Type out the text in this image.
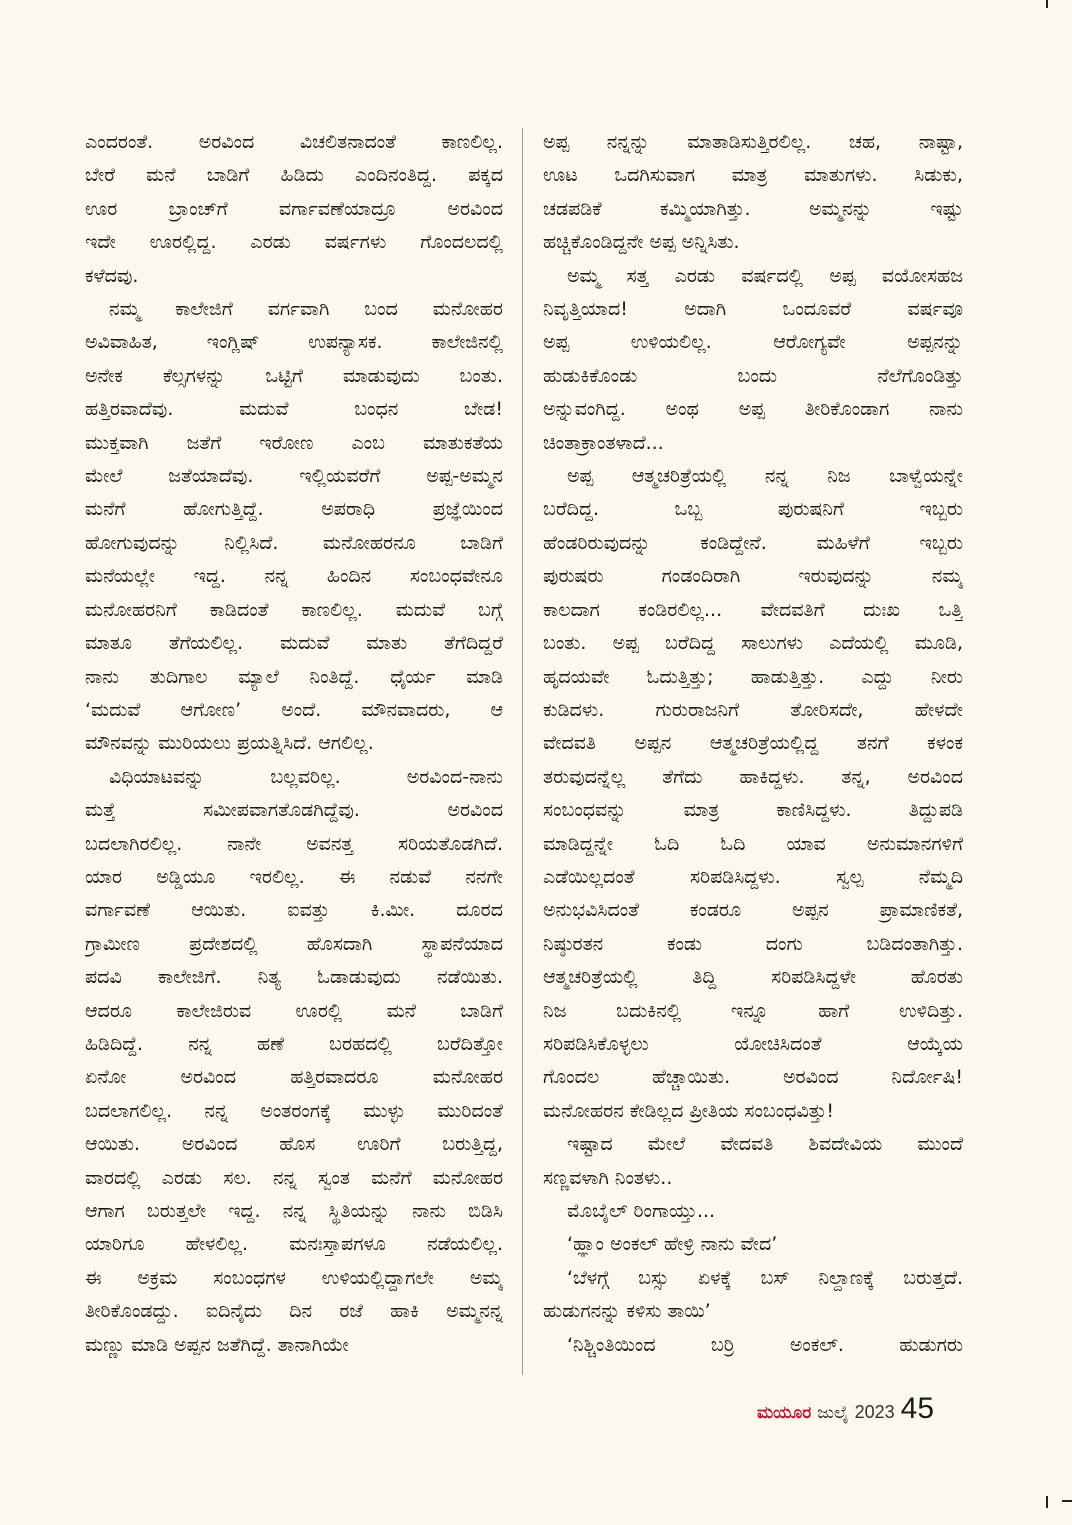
ಎಂದರಂತೆ. ಅರವಿಂದ ವಿಚಲಿತನಾದಂತೆ ಕಾಣಲಿಲ್ಲ.
ಬೇರೆ ಮನೆ ಬಾಡಿಗೆ ಹಿಡಿದು ಎಂದಿನಂತಿದ್ದ. ಪಕ್ಕದ
ಊರ ಬ್ರಾಂಚ್‌ಗೆ ವರ್ಗಾವಣೆಯಾದ್ರೂ ಅರವಿಂದ
ಇದೇ ಊರಲ್ಲಿದ್ದ. ಎರಡು ವರ್ಷಗಳು ಗೊಂದಲದಲ್ಲಿ
ಕಳೆದವು.
ನಮ್ಮ ಕಾಲೇಜಿಗೆ ವರ್ಗವಾಗಿ ಬಂದ ಮನೋಹರ
ಅವಿವಾಹಿತ, ಇಂಗ್ಲಿಷ್ ಉಪನ್ಯಾಸಕ. ಕಾಲೇಜಿನಲ್ಲಿ
ಅನೇಕ ಕೆಲ್ಸಗಳನ್ನು ಒಟ್ಟಿಗೆ ಮಾಡುವುದು ಬಂತು.
ಹತ್ತಿರವಾದೆವು. ಮದುವೆ ಬಂಧನ ಬೇಡ!
ಮುಕ್ತವಾಗಿ ಜತೆಗೆ ಇರೋಣ ಎಂಬ ಮಾತುಕತೆಯ
ಮೇಲೆ ಜತೆಯಾದೆವು. ಇಲ್ಲಿಯವರೆಗೆ ಅಪ್ಪ-ಅಮ್ಮನ
ಮನೆಗೆ ಹೋಗುತ್ತಿದ್ದೆ. ಅಪರಾಧಿ ಪ್ರಜ್ಞೆಯಿಂದ
ಹೋಗುವುದನ್ನು ನಿಲ್ಲಿಸಿದೆ. ಮನೋಹರನೂ ಬಾಡಿಗೆ
ಮನೆಯಲ್ಲೇ ಇದ್ದ. ನನ್ನ ಹಿಂದಿನ ಸಂಬಂಧವೇನೂ
ಮನೋಹರನಿಗೆ ಕಾಡಿದಂತೆ ಕಾಣಲಿಲ್ಲ. ಮದುವೆ ಬಗ್ಗೆ
ಮಾತೂ ತೆಗೆಯಲಿಲ್ಲ. ಮದುವೆ ಮಾತು ತೆಗೆದಿದ್ದರೆ
ನಾನು ತುದಿಗಾಲ ಮ್ಯಾಲೆ ನಿಂತಿದ್ದೆ. ಧೈರ್ಯ ಮಾಡಿ
‘ಮದುವೆ ಆಗೋಣ’ ಅಂದೆ. ಮೌನವಾದರು, ಆ
ಮೌನವನ್ನು ಮುರಿಯಲು ಪ್ರಯತ್ನಿಸಿದೆ. ಆಗಲಿಲ್ಲ.
ವಿಧಿಯಾಟವನ್ನು ಬಲ್ಲವರಿಲ್ಲ. ಅರವಿಂದ-ನಾನು
ಮತ್ತೆ ಸಮೀಪವಾಗತೊಡಗಿದ್ದೆವು. ಅರವಿಂದ
ಬದಲಾಗಿರಲಿಲ್ಲ. ನಾನೇ ಅವನತ್ತ ಸರಿಯತೊಡಗಿದೆ.
ಯಾರ ಅಡ್ಡಿಯೂ ಇರಲಿಲ್ಲ. ಈ ನಡುವೆ ನನಗೇ
ವರ್ಗಾವಣೆ ಆಯಿತು. ಐವತ್ತು ಕಿ.ಮೀ. ದೂರದ
ಗ್ರಾಮೀಣ ಪ್ರದೇಶದಲ್ಲಿ ಹೊಸದಾಗಿ ಸ್ಥಾಪನೆಯಾದ
ಪದವಿ ಕಾಲೇಜಿಗೆ. ನಿತ್ಯ ಓಡಾಡುವುದು ನಡೆಯಿತು.
ಆದರೂ ಕಾಲೇಜಿರುವ ಊರಲ್ಲಿ ಮನೆ ಬಾಡಿಗೆ
ಹಿಡಿದಿದ್ದೆ. ನನ್ನ ಹಣೆ ಬರಹದಲ್ಲಿ ಬರೆದಿತ್ತೋ
ಏನೋ ಅರವಿಂದ ಹತ್ತಿರವಾದರೂ ಮನೋಹರ
ಬದಲಾಗಲಿಲ್ಲ. ನನ್ನ ಅಂತರಂಗಕ್ಕೆ ಮುಳ್ಳು ಮುರಿದಂತೆ
ಆಯಿತು. ಅರವಿಂದ ಹೊಸ ಊರಿಗೆ ಬರುತ್ತಿದ್ದ,
ವಾರದಲ್ಲಿ ಎರಡು ಸಲ. ನನ್ನ ಸ್ವಂತ ಮನೆಗೆ ಮನೋಹರ
ಆಗಾಗ ಬರುತ್ತಲೇ ಇದ್ದ. ನನ್ನ ಸ್ಥಿತಿಯನ್ನು ನಾನು ಬಿಡಿಸಿ
ಯಾರಿಗೂ ಹೇಳಲಿಲ್ಲ. ಮನಃಸ್ತಾಪಗಳೂ ನಡೆಯಲಿಲ್ಲ.
ಈ ಅಕ್ರಮ ಸಂಬಂಧಗಳ ಉಳಿಯಲ್ಲಿದ್ದಾಗಲೇ ಅಮ್ಮ
ತೀರಿಕೊಂಡದ್ದು. ಐದಿನೈದು ದಿನ ರಜೆ ಹಾಕಿ ಅಮ್ಮನನ್ನ
ಮಣ್ಣು ಮಾಡಿ ಅಪ್ಪನ ಜತೆಗಿದ್ದೆ. ತಾನಾಗಿಯೇ
ಅಪ್ಪ ನನ್ನನ್ನು ಮಾತಾಡಿಸುತ್ತಿರಲಿಲ್ಲ. ಚಹ, ನಾಷ್ಟಾ,
ಊಟ ಒದಗಿಸುವಾಗ ಮಾತ್ರ ಮಾತುಗಳು. ಸಿಡುಕು,
ಚಡಪಡಿಕೆ ಕಮ್ಮಿಯಾಗಿತ್ತು. ಅಮ್ಮನನ್ನು ಇಷ್ಟು
ಹಚ್ಚಿಕೊಂಡಿದ್ದನೇ ಅಪ್ಪ ಅನ್ನಿಸಿತು.
ಅಮ್ಮ ಸತ್ತ ಎರಡು ವರ್ಷದಲ್ಲಿ ಅಪ್ಪ ವಯೋಸಹಜ
ನಿವೃತ್ತಿಯಾದ! ಅದಾಗಿ ಒಂದೂವರೆ ವರ್ಷವೂ
ಅಪ್ಪ ಉಳಿಯಲಿಲ್ಲ. ಆರೋಗ್ಯವೇ ಅಪ್ಪನನ್ನು
ಹುಡುಕಿಕೊಂಡು ಬಂದು ನೆಲೆಗೊಂಡಿತ್ತು
ಅನ್ನುವಂಗಿದ್ದ. ಅಂಥ ಅಪ್ಪ ತೀರಿಕೊಂಡಾಗ ನಾನು
ಚಿಂತಾಕ್ರಾಂತಳಾದೆ...
ಅಪ್ಪ ಆತ್ಮಚರಿತ್ರೆಯಲ್ಲಿ ನನ್ನ ನಿಜ ಬಾಳ್ವೆಯನ್ನೇ
ಬರೆದಿದ್ದ. ಒಬ್ಬ ಪುರುಷನಿಗೆ ಇಬ್ಬರು
ಹೆಂಡರಿರುವುದನ್ನು ಕಂಡಿದ್ದೇನೆ. ಮಹಿಳೆಗೆ ಇಬ್ಬರು
ಪುರುಷರು ಗಂಡಂದಿರಾಗಿ ಇರುವುದನ್ನು ನಮ್ಮ
ಕಾಲದಾಗ ಕಂಡಿರಲಿಲ್ಲ... ವೇದವತಿಗೆ ದುಃಖ ಒತ್ತಿ
ಬಂತು. ಅಪ್ಪ ಬರೆದಿದ್ದ ಸಾಲುಗಳು ಎದೆಯಲ್ಲಿ ಮೂಡಿ,
ಹೃದಯವೇ ಓದುತ್ತಿತ್ತು; ಹಾಡುತ್ತಿತ್ತು. ಎದ್ದು ನೀರು
ಕುಡಿದಳು. ಗುರುರಾಜನಿಗೆ ತೋರಿಸದೇ, ಹೇಳದೇ
ವೇದವತಿ ಅಪ್ಪನ ಆತ್ಮಚರಿತ್ರೆಯಲ್ಲಿದ್ದ ತನಗೆ ಕಳಂಕ
ತರುವುದನ್ನೆಲ್ಲ ತೆಗೆದು ಹಾಕಿದ್ದಳು. ತನ್ನ, ಅರವಿಂದ
ಸಂಬಂಧವನ್ನು ಮಾತ್ರ ಕಾಣಿಸಿದ್ದಳು. ತಿದ್ದುಪಡಿ
ಮಾಡಿದ್ದನ್ನೇ ಓದಿ ಓದಿ ಯಾವ ಅನುಮಾನಗಳಿಗೆ
ಎಡೆಯಿಲ್ಲದಂತೆ ಸರಿಪಡಿಸಿದ್ದಳು. ಸ್ವಲ್ಪ ನೆಮ್ಮದಿ
ಅನುಭವಿಸಿದಂತೆ ಕಂಡರೂ ಅಪ್ಪನ ಪ್ರಾಮಾಣಿಕತೆ,
ನಿಷ್ಠುರತನ ಕಂಡು ದಂಗು ಬಡಿದಂತಾಗಿತ್ತು.
ಆತ್ಮಚರಿತ್ರೆಯಲ್ಲಿ ತಿದ್ದಿ ಸರಿಪಡಿಸಿದ್ದಳೇ ಹೊರತು
ನಿಜ ಬದುಕಿನಲ್ಲಿ ಇನ್ನೂ ಹಾಗೆ ಉಳಿದಿತ್ತು.
ಸರಿಪಡಿಸಿಕೊಳ್ಳಲು ಯೋಚಿಸಿದಂತೆ ಆಯ್ಕೆಯ
ಗೊಂದಲ ಹೆಚ್ಚಾಯಿತು. ಅರವಿಂದ ನಿರ್ದೋಷಿ!
ಮನೋಹರನ ಕೇಡಿಲ್ಲದ ಪ್ರೀತಿಯ ಸಂಬಂಧವಿತ್ತು!
ಇಷ್ಟಾದ ಮೇಲೆ ವೇದವತಿ ಶಿವದೇವಿಯ ಮುಂದೆ
ಸಣ್ಣವಳಾಗಿ ನಿಂತಳು..
ಮೊಬೈಲ್ ರಿಂಗಾಯ್ತು...
‘ಹ್ಞಾಂ ಅಂಕಲ್ ಹೇಳ್ರಿ ನಾನು ವೇದ’
‘ಬೆಳಗ್ಗೆ ಬಸ್ಸು ಏಳಕ್ಕೆ ಬಸ್ ನಿಲ್ದಾಣಕ್ಕೆ ಬರುತ್ತದೆ.
ಹುಡುಗನನ್ನು ಕಳಿಸು ತಾಯಿ’
‘ನಿಶ್ಚಿಂತಿಯಿಂದ ಬರ್ರಿ ಅಂಕಲ್. ಹುಡುಗರು
ಮಯೂರ ಜುಲೈ 2023 45
